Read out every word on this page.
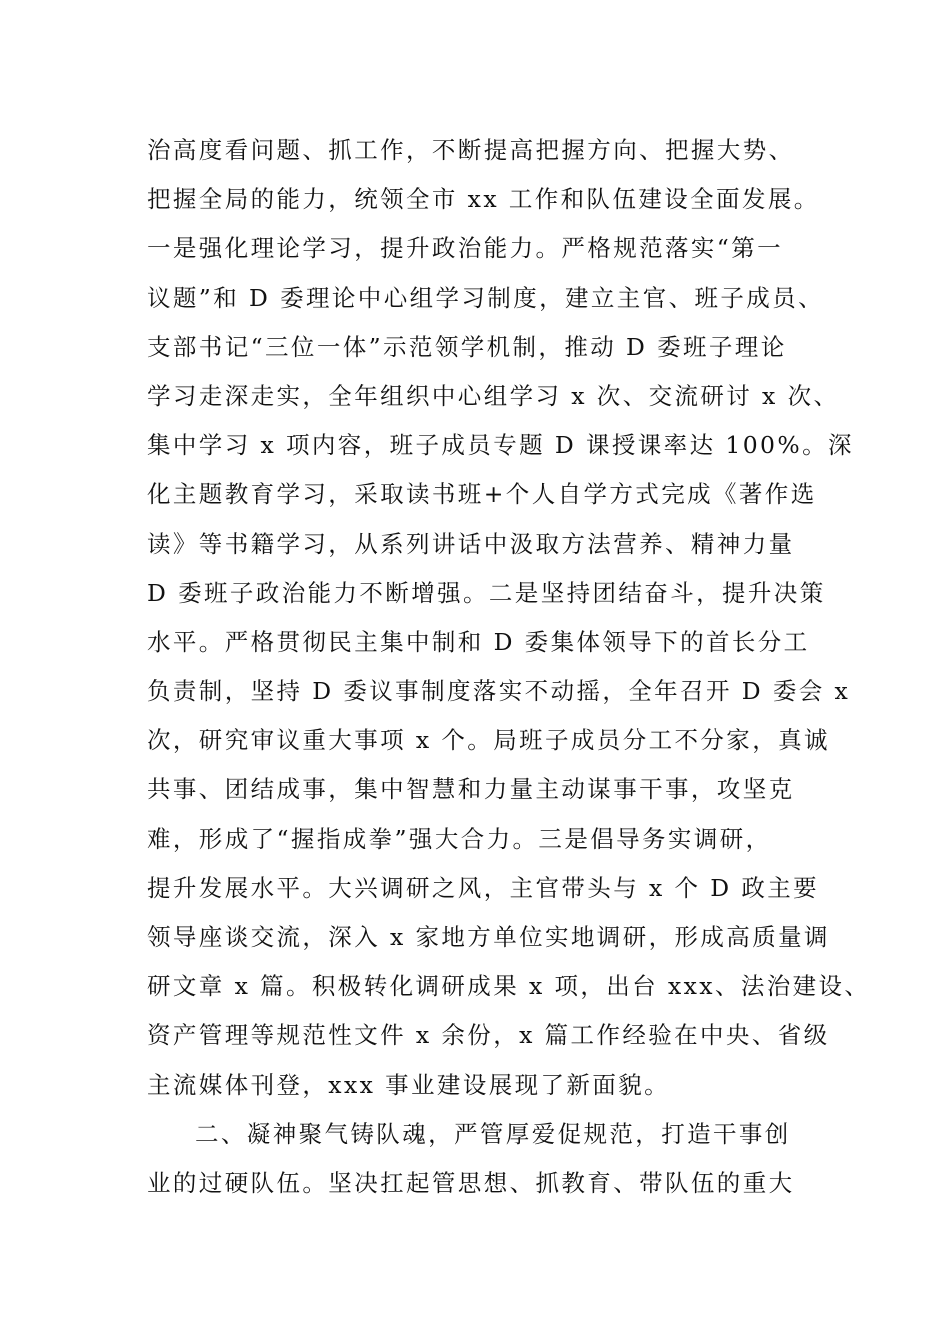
治高度看问题、抓工作，不断提高把握方向、把握大势、
把握全局的能力，统领全市 xx 工作和队伍建设全面发展。
一是强化理论学习，提升政治能力。严格规范落实“第一
议题”和 D 委理论中心组学习制度，建立主官、班子成员、
支部书记“三位一体”示范领学机制，推动 D 委班子理论
学习走深走实，全年组织中心组学习 x 次、交流研讨 x 次、
集中学习 x 项内容，班子成员专题 D 课授课率达 100%。深
化主题教育学习，采取读书班+个人自学方式完成《著作选
读》等书籍学习，从系列讲话中汲取方法营养、精神力量
D 委班子政治能力不断增强。二是坚持团结奋斗，提升决策
水平。严格贯彻民主集中制和 D 委集体领导下的首长分工
负责制，坚持 D 委议事制度落实不动摇，全年召开 D 委会 x
次，研究审议重大事项 x 个。局班子成员分工不分家，真诚
共事、团结成事，集中智慧和力量主动谋事干事，攻坚克
难，形成了“握指成拳”强大合力。三是倡导务实调研，
提升发展水平。大兴调研之风，主官带头与 x 个 D 政主要
领导座谈交流，深入 x 家地方单位实地调研，形成高质量调
研文章 x 篇。积极转化调研成果 x 项，出台 xxx、法治建设、
资产管理等规范性文件 x 余份，x 篇工作经验在中央、省级
主流媒体刊登，xxx 事业建设展现了新面貌。
二、凝神聚气铸队魂，严管厚爱促规范，打造干事创
业的过硬队伍。坚决扛起管思想、抓教育、带队伍的重大
